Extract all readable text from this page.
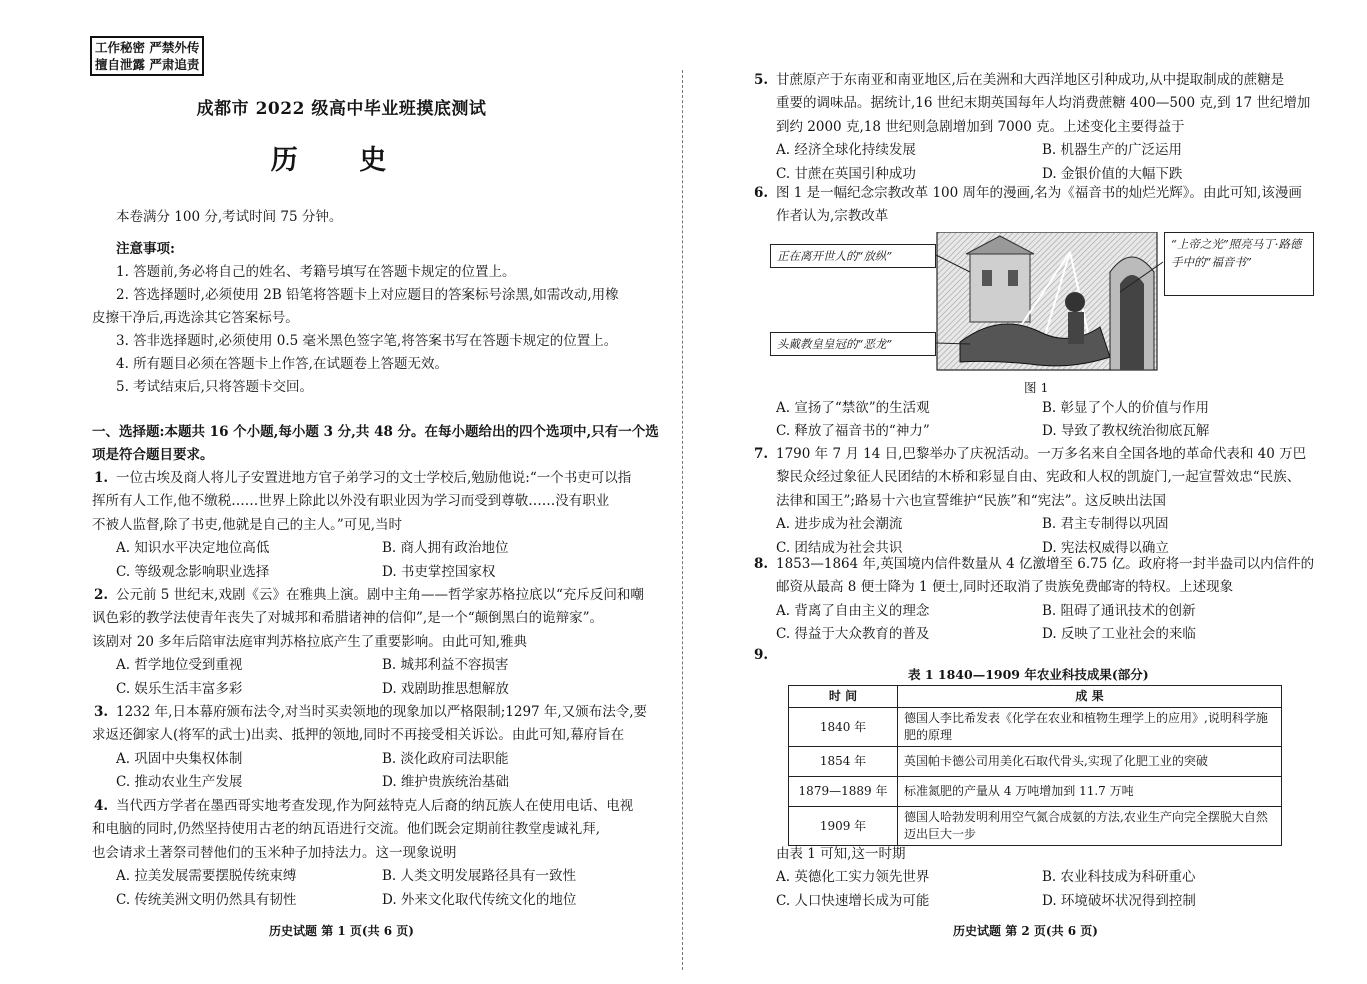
工作秘密 严禁外传
擅自泄露 严肃追责
成都市 2022 级高中毕业班摸底测试
历 史
本卷满分 100 分,考试时间 75 分钟。
注意事项:
1. 答题前,务必将自己的姓名、考籍号填写在答题卡规定的位置上。
2. 答选择题时,必须使用 2B 铅笔将答题卡上对应题目的答案标号涂黑,如需改动,用橡
皮擦干净后,再选涂其它答案标号。
3. 答非选择题时,必须使用 0.5 毫米黑色签字笔,将答案书写在答题卡规定的位置上。
4. 所有题目必须在答题卡上作答,在试题卷上答题无效。
5. 考试结束后,只将答题卡交回。
一、选择题:本题共 16 个小题,每小题 3 分,共 48 分。在每小题给出的四个选项中,只有一个选
项是符合题目要求。
1. 一位古埃及商人将儿子安置进地方官子弟学习的文士学校后,勉励他说:“一个书吏可以指
挥所有人工作,他不缴税……世界上除此以外没有职业因为学习而受到尊敬……没有职业
不被人监督,除了书吏,他就是自己的主人。”可见,当时
A. 知识水平决定地位高低	B. 商人拥有政治地位
C. 等级观念影响职业选择	D. 书吏掌控国家权
2. 公元前 5 世纪末,戏剧《云》在雅典上演。剧中主角——哲学家苏格拉底以“充斥反问和嘲
讽色彩的教学法使青年丧失了对城邦和希腊诸神的信仰”,是一个“颠倒黑白的诡辩家”。
该剧对 20 多年后陪审法庭审判苏格拉底产生了重要影响。由此可知,雅典
A. 哲学地位受到重视	B. 城邦利益不容损害
C. 娱乐生活丰富多彩	D. 戏剧助推思想解放
3. 1232 年,日本幕府颁布法令,对当时买卖领地的现象加以严格限制;1297 年,又颁布法令,要
求返还御家人(将军的武士)出卖、抵押的领地,同时不再接受相关诉讼。由此可知,幕府旨在
A. 巩固中央集权体制	B. 淡化政府司法职能
C. 推动农业生产发展	D. 维护贵族统治基础
4. 当代西方学者在墨西哥实地考查发现,作为阿兹特克人后裔的纳瓦族人在使用电话、电视
和电脑的同时,仍然坚持使用古老的纳瓦语进行交流。他们既会定期前往教堂虔诚礼拜,
也会请求土著祭司替他们的玉米种子加持法力。这一现象说明
A. 拉美发展需要摆脱传统束缚	B. 人类文明发展路径具有一致性
C. 传统美洲文明仍然具有韧性	D. 外来文化取代传统文化的地位
历史试题 第 1 页(共 6 页)
5. 甘蔗原产于东南亚和南亚地区,后在美洲和大西洋地区引种成功,从中提取制成的蔗糖是
重要的调味品。据统计,16 世纪末期英国每年人均消费蔗糖 400—500 克,到 17 世纪增加
到约 2000 克,18 世纪则急剧增加到 7000 克。上述变化主要得益于
A. 经济全球化持续发展	B. 机器生产的广泛运用
C. 甘蔗在英国引种成功	D. 金银价值的大幅下跌
6. 图 1 是一幅纪念宗教改革 100 周年的漫画,名为《福音书的灿烂光辉》。由此可知,该漫画
作者认为,宗教改革
A. 宣扬了“禁欲”的生活观	B. 彰显了个人的价值与作用
C. 释放了福音书的“神力”	D. 导致了教权统治彻底瓦解
7. 1790 年 7 月 14 日,巴黎举办了庆祝活动。一万多名来自全国各地的革命代表和 40 万巴
黎民众经过象征人民团结的木桥和彩显自由、宪政和人权的凯旋门,一起宣誓效忠“民族、
法律和国王”;路易十六也宣誓维护“民族”和“宪法”。这反映出法国
A. 进步成为社会潮流	B. 君主专制得以巩固
C. 团结成为社会共识	D. 宪法权威得以确立
8. 1853—1864 年,英国境内信件数量从 4 亿激增至 6.75 亿。政府将一封半盎司以内信件的
邮资从最高 8 便士降为 1 便士,同时还取消了贵族免费邮寄的特权。上述现象
A. 背离了自由主义的理念	B. 阻碍了通讯技术的创新
C. 得益于大众教育的普及	D. 反映了工业社会的来临
9.
表 1 1840—1909 年农业科技成果(部分)
时 间	成 果
1840 年	德国人李比希发表《化学在农业和植物生理学上的应用》,说明科学施肥的原理
1854 年	英国帕卡德公司用美化石取代骨头,实现了化肥工业的突破
1879—1889 年	标准氮肥的产量从 4 万吨增加到 11.7 万吨
1909 年	德国人哈勃发明利用空气氮合成氨的方法,农业生产向完全摆脱大自然迈出巨大一步
由表 1 可知,这一时期
A. 英德化工实力领先世界	B. 农业科技成为科研重心
C. 人口快速增长成为可能	D. 环境破坏状况得到控制
历史试题 第 2 页(共 6 页)
正在离开世人的“放纵”
“上帝之光”照亮马丁·路德手中的“福音书”
头戴教皇皇冠的“恶龙”
图 1
